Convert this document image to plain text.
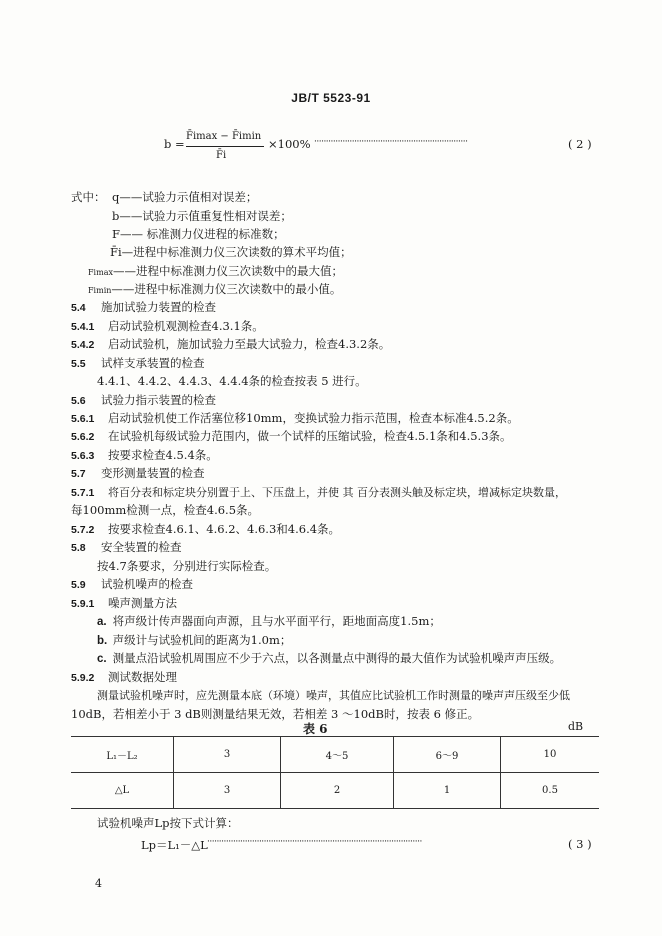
JB/T 5523-91
b =
F̄imax − F̄imin
F̄i
×100% ·································································	( 2 )
式中： q——试验力示值相对误差；
b——试验力示值重复性相对误差；
F—— 标准测力仪进程的标准数；
F̄i—进程中标准测力仪三次读数的算术平均值；
Fimax——进程中标准测力仪三次读数中的最大值；
Fimin——进程中标准测力仪三次读数中的最小值。
5.4 施加试验力装置的检查
5.4.1 启动试验机观测检查4.3.1条。
5.4.2 启动试验机，施加试验力至最大试验力，检查4.3.2条。
5.5 试样支承装置的检查
4.4.1、4.4.2、4.4.3、4.4.4条的检查按表 5 进行。
5.6 试验力指示装置的检查
5.6.1 启动试验机使工作活塞位移10mm，变换试验力指示范围，检查本标准4.5.2条。
5.6.2 在试验机每级试验力范围内，做一个试样的压缩试验，检查4.5.1条和4.5.3条。
5.6.3 按要求检查4.5.4条。
5.7 变形测量装置的检查
5.7.1 将百分表和标定块分别置于上、下压盘上，并使 其 百分表测头触及标定块，增减标定块数量，
每100mm检测一点，检查4.6.5条。
5.7.2 按要求检查4.6.1、4.6.2、4.6.3和4.6.4条。
5.8 安全装置的检查
按4.7条要求，分别进行实际检查。
5.9 试验机噪声的检查
5.9.1 噪声测量方法
a. 将声级计传声器面向声源，且与水平面平行，距地面高度1.5m；
b. 声级计与试验机间的距离为1.0m；
c. 测量点沿试验机周围应不少于六点，以各测量点中测得的最大值作为试验机噪声声压级。
5.9.2 测试数据处理
测量试验机噪声时，应先测量本底（环境）噪声，其值应比试验机工作时测量的噪声声压级至少低
10dB，若相差小于 3 dB则测量结果无效，若相差 3 ～10dB时，按表 6 修正。
表 6	dB
L₁－L₂	3	4～5	6～9	10
△L	3	2	1	0.5
试验机噪声Lp按下式计算：
Lp＝L₁－△L ···························································································	( 3 )
4
